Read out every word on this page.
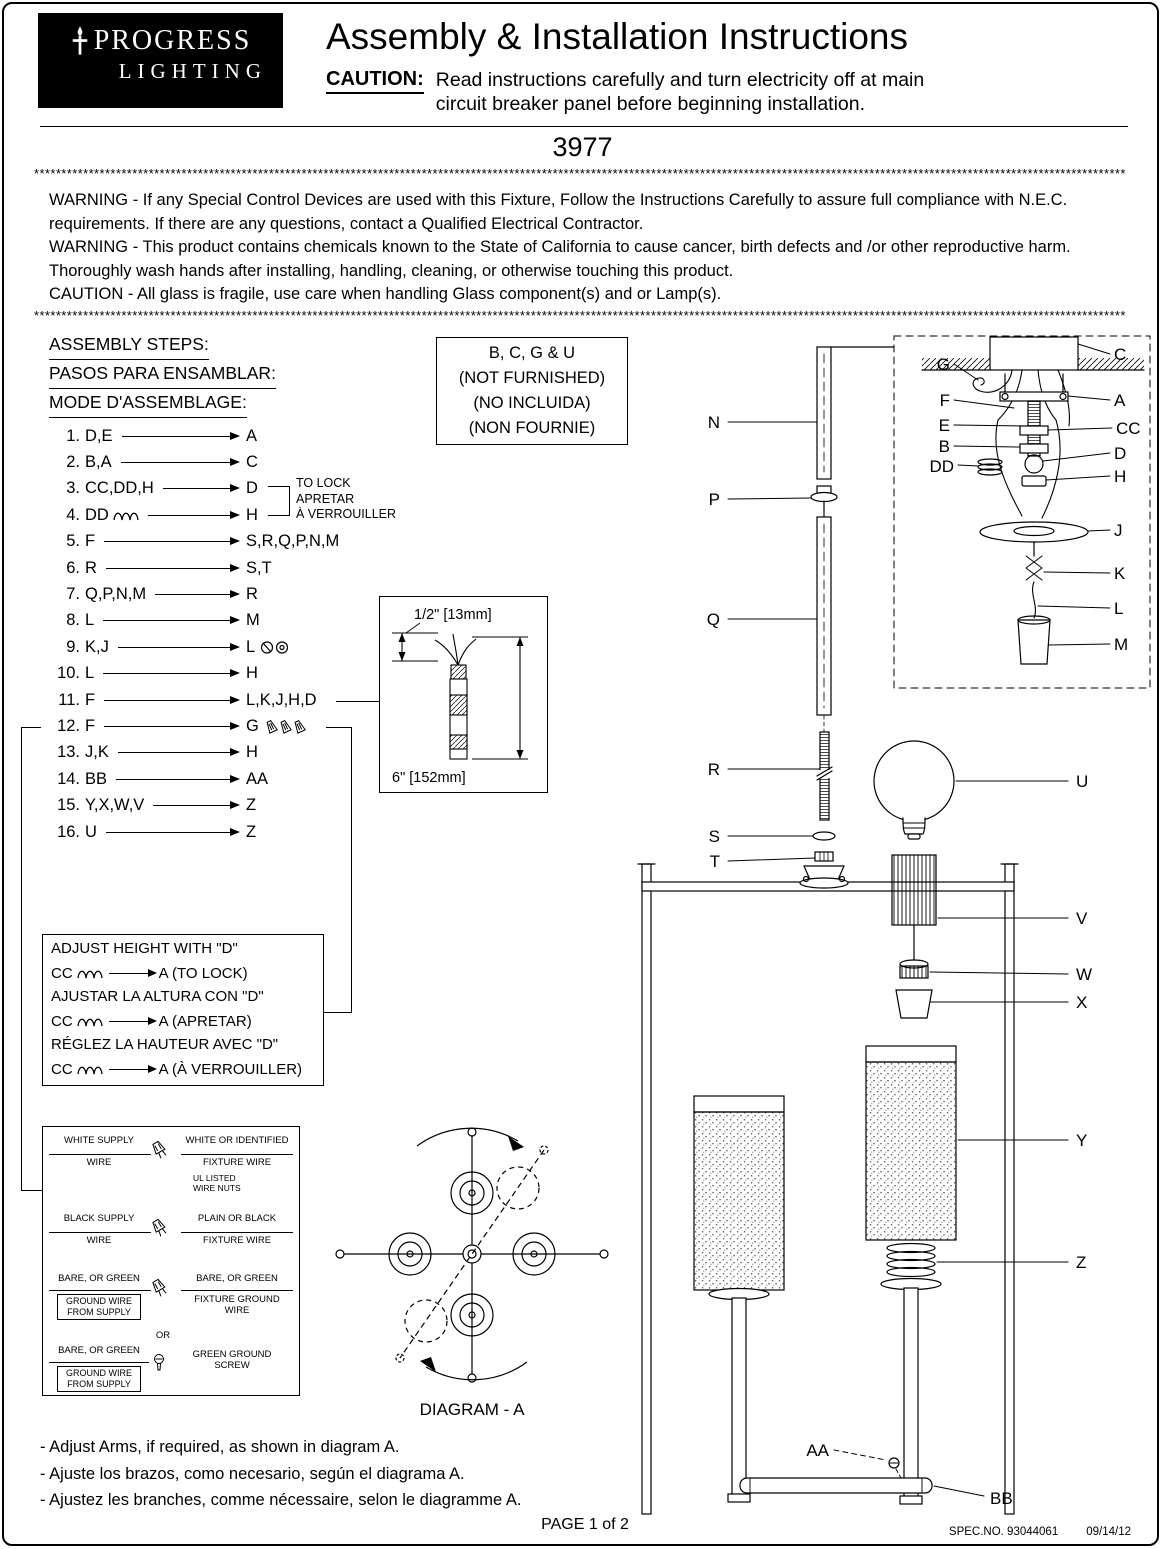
PROGRESS
LIGHTING
Assembly & Installation Instructions
CAUTION: Read instructions carefully and turn electricity off at main
circuit breaker panel before beginning installation.
3977
********************************************************************************************************************************************************************************************************

WARNING - If any Special Control Devices are used with this Fixture, Follow the Instructions Carefully to assure full compliance with N.E.C. requirements. If there are any questions, contact a Qualified Electrical Contractor.

WARNING - This product contains chemicals known to the State of California to cause cancer, birth defects and /or other reproductive harm. Thoroughly wash hands after installing, handling, cleaning, or otherwise touching this product.

CAUTION - All glass is fragile, use care when handling Glass component(s) and or Lamp(s).

********************************************************************************************************************************************************************************************************
ASSEMBLY STEPS:
PASOS PARA ENSAMBLAR:
MODE D'ASSEMBLAGE:
1. D,E	A
2. B,A	C
3. CC,DD,H	D
4. DD	H
5. F	S,R,Q,P,N,M
6. R	S,T
7. Q,P,N,M	R
8. L	M
9. K,J	L
10. L	H
11. F	L,K,J,H,D
12. F	G
13. J,K	H
14. BB	AA
15. Y,X,W,V	Z
16. U	Z
TO LOCK
APRETAR
À VERROUILLER
B, C, G & U
(NOT FURNISHED)
(NO INCLUIDA)
(NON FOURNIE)
1/2" [13mm]
6" [152mm]
ADJUST HEIGHT WITH "D"
CC	A (TO LOCK)
AJUSTAR LA ALTURA CON "D"
CC	A (APRETAR)
RÉGLEZ LA HAUTEUR AVEC "D"
CC	A (À VERROUILLER)
WHITE SUPPLY
WIRE
WHITE OR IDENTIFIED
FIXTURE WIRE
UL LISTED
WIRE NUTS
BLACK SUPPLY
WIRE
PLAIN OR BLACK
FIXTURE WIRE
BARE, OR GREEN
GROUND WIRE
FROM SUPPLY
BARE, OR GREEN
FIXTURE GROUND
WIRE
OR
BARE, OR GREEN
GROUND WIRE
FROM SUPPLY
GREEN GROUND
SCREW
DIAGRAM - A
- Adjust Arms, if required, as shown in diagram A.
- Ajuste los brazos, como necesario, según el diagrama A.
- Ajustez les branches, comme nécessaire, selon le diagramme A.
PAGE 1 of 2	SPEC.NO. 93044061 09/14/12
N
P
Q
R
S
T
G
C
F	A
E	CC
B	D
DD
H
J
K
L
M
U
V
W
X
Y
Z
AA
BB
